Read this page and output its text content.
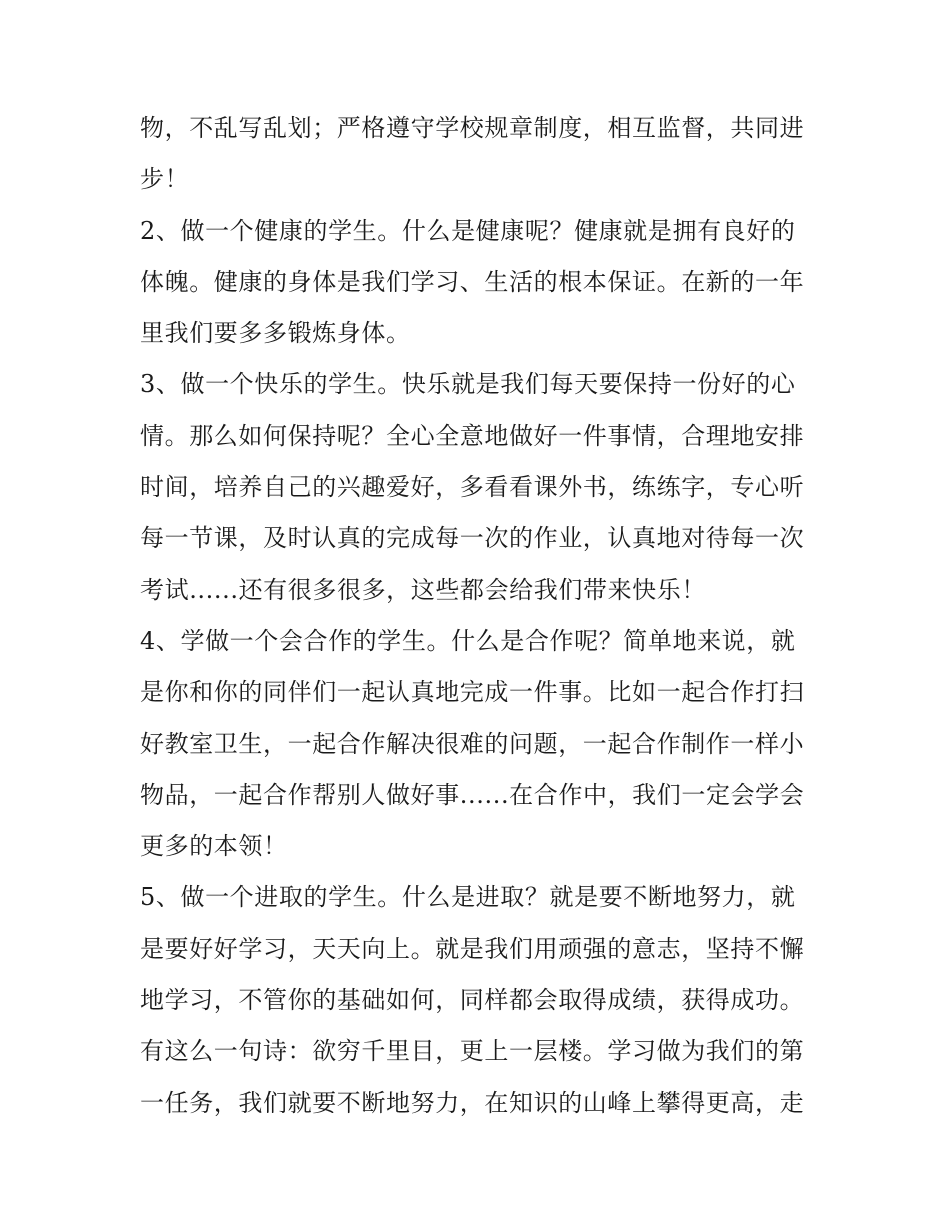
物，不乱写乱划；严格遵守学校规章制度，相互监督，共同进
步！
2、做一个健康的学生。什么是健康呢？健康就是拥有良好的
体魄。健康的身体是我们学习、生活的根本保证。在新的一年
里我们要多多锻炼身体。
3、做一个快乐的学生。快乐就是我们每天要保持一份好的心
情。那么如何保持呢？全心全意地做好一件事情，合理地安排
时间，培养自己的兴趣爱好，多看看课外书，练练字，专心听
每一节课，及时认真的完成每一次的作业，认真地对待每一次
考试......还有很多很多，这些都会给我们带来快乐！
4、学做一个会合作的学生。什么是合作呢？简单地来说，就
是你和你的同伴们一起认真地完成一件事。比如一起合作打扫
好教室卫生，一起合作解决很难的问题，一起合作制作一样小
物品，一起合作帮别人做好事......在合作中，我们一定会学会
更多的本领！
5、做一个进取的学生。什么是进取？就是要不断地努力，就
是要好好学习，天天向上。就是我们用顽强的意志，坚持不懈
地学习，不管你的基础如何，同样都会取得成绩，获得成功。
有这么一句诗：欲穷千里目，更上一层楼。学习做为我们的第
一任务，我们就要不断地努力，在知识的山峰上攀得更高，走
